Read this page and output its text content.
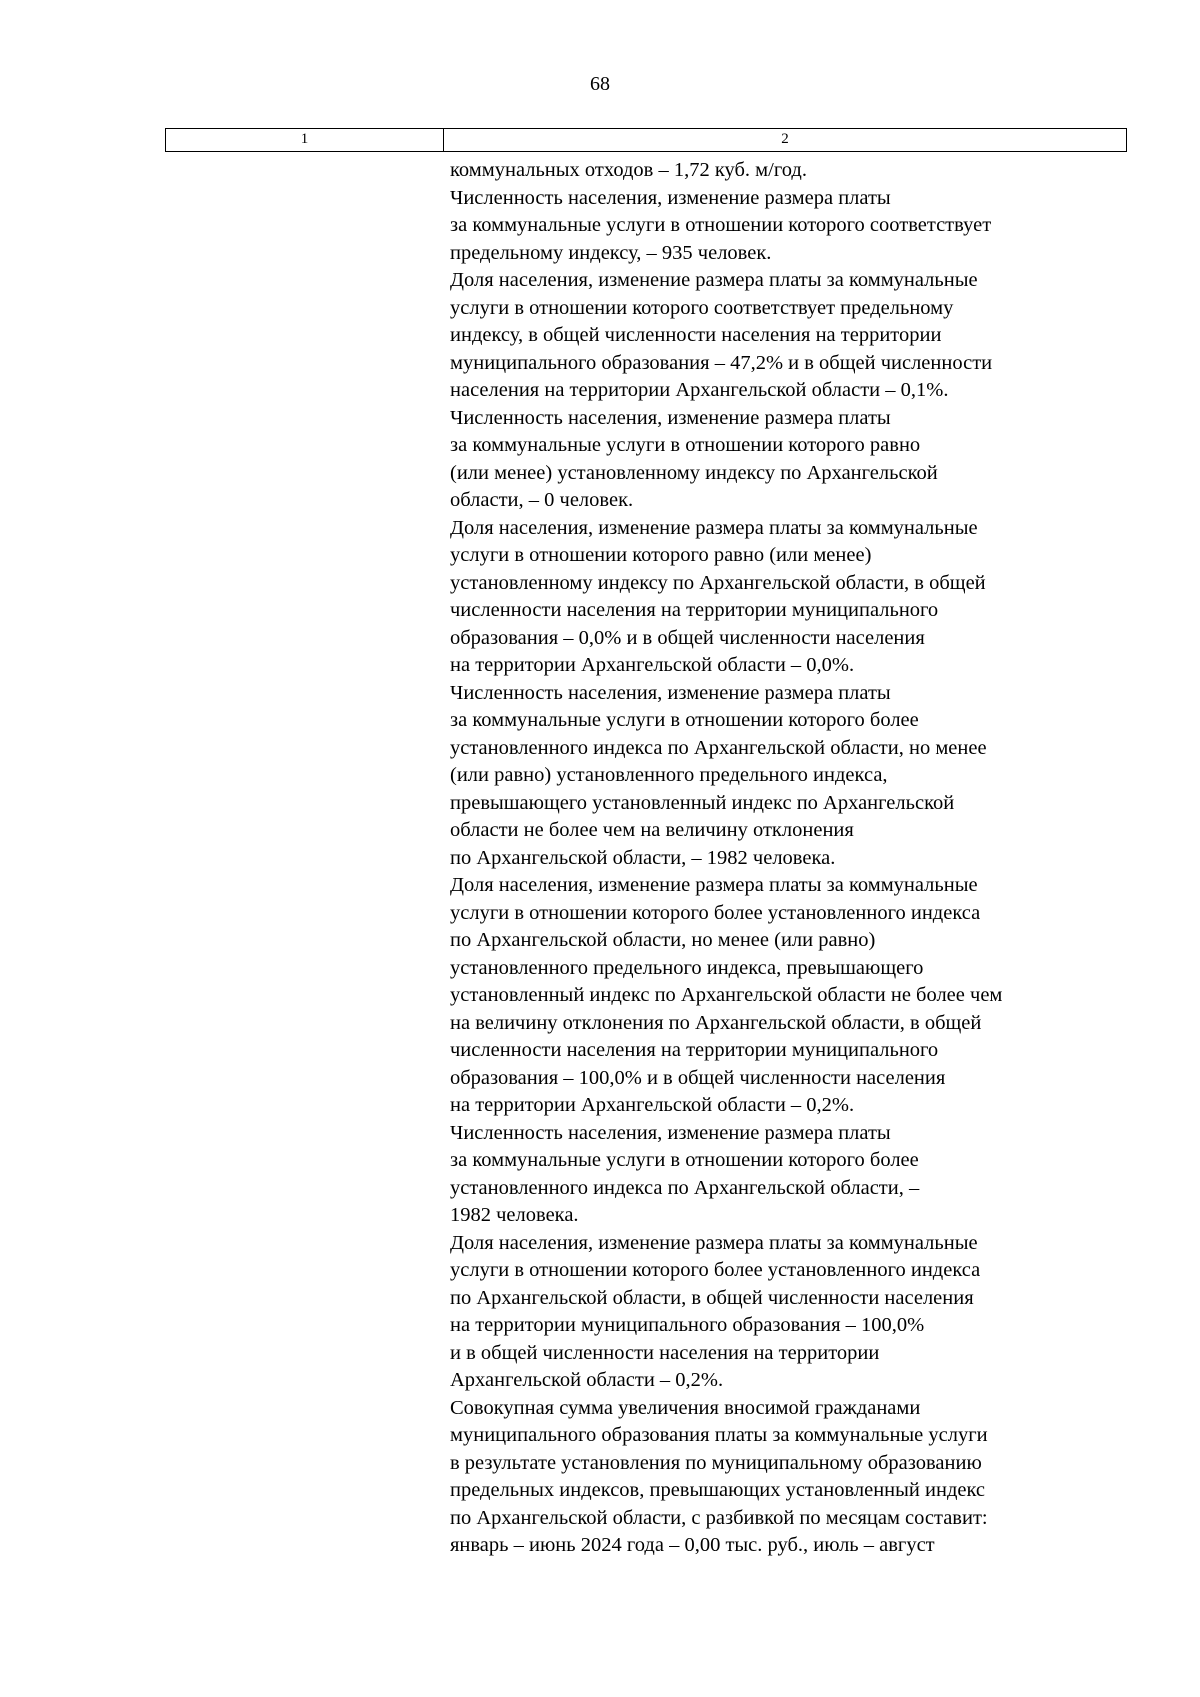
68
1	2
коммунальных отходов – 1,72 куб. м/год.
Численность населения, изменение размера платы
за коммунальные услуги в отношении которого соответствует
предельному индексу, – 935 человек.
Доля населения, изменение размера платы за коммунальные
услуги в отношении которого соответствует предельному
индексу, в общей численности населения на территории
муниципального образования – 47,2% и в общей численности
населения на территории Архангельской области – 0,1%.
Численность населения, изменение размера платы
за коммунальные услуги в отношении которого равно
(или менее) установленному индексу по Архангельской
области, – 0 человек.
Доля населения, изменение размера платы за коммунальные
услуги в отношении которого равно (или менее)
установленному индексу по Архангельской области, в общей
численности населения на территории муниципального
образования – 0,0% и в общей численности населения
на территории Архангельской области – 0,0%.
Численность населения, изменение размера платы
за коммунальные услуги в отношении которого более
установленного индекса по Архангельской области, но менее
(или равно) установленного предельного индекса,
превышающего установленный индекс по Архангельской
области не более чем на величину отклонения
по Архангельской области, – 1982 человека.
Доля населения, изменение размера платы за коммунальные
услуги в отношении которого более установленного индекса
по Архангельской области, но менее (или равно)
установленного предельного индекса, превышающего
установленный индекс по Архангельской области не более чем
на величину отклонения по Архангельской области, в общей
численности населения на территории муниципального
образования – 100,0% и в общей численности населения
на территории Архангельской области – 0,2%.
Численность населения, изменение размера платы
за коммунальные услуги в отношении которого более
установленного индекса по Архангельской области, –
1982 человека.
Доля населения, изменение размера платы за коммунальные
услуги в отношении которого более установленного индекса
по Архангельской области, в общей численности населения
на территории муниципального образования – 100,0%
и в общей численности населения на территории
Архангельской области – 0,2%.
Совокупная сумма увеличения вносимой гражданами
муниципального образования платы за коммунальные услуги
в результате установления по муниципальному образованию
предельных индексов, превышающих установленный индекс
по Архангельской области, с разбивкой по месяцам составит:
январь – июнь 2024 года – 0,00 тыс. руб., июль – август
